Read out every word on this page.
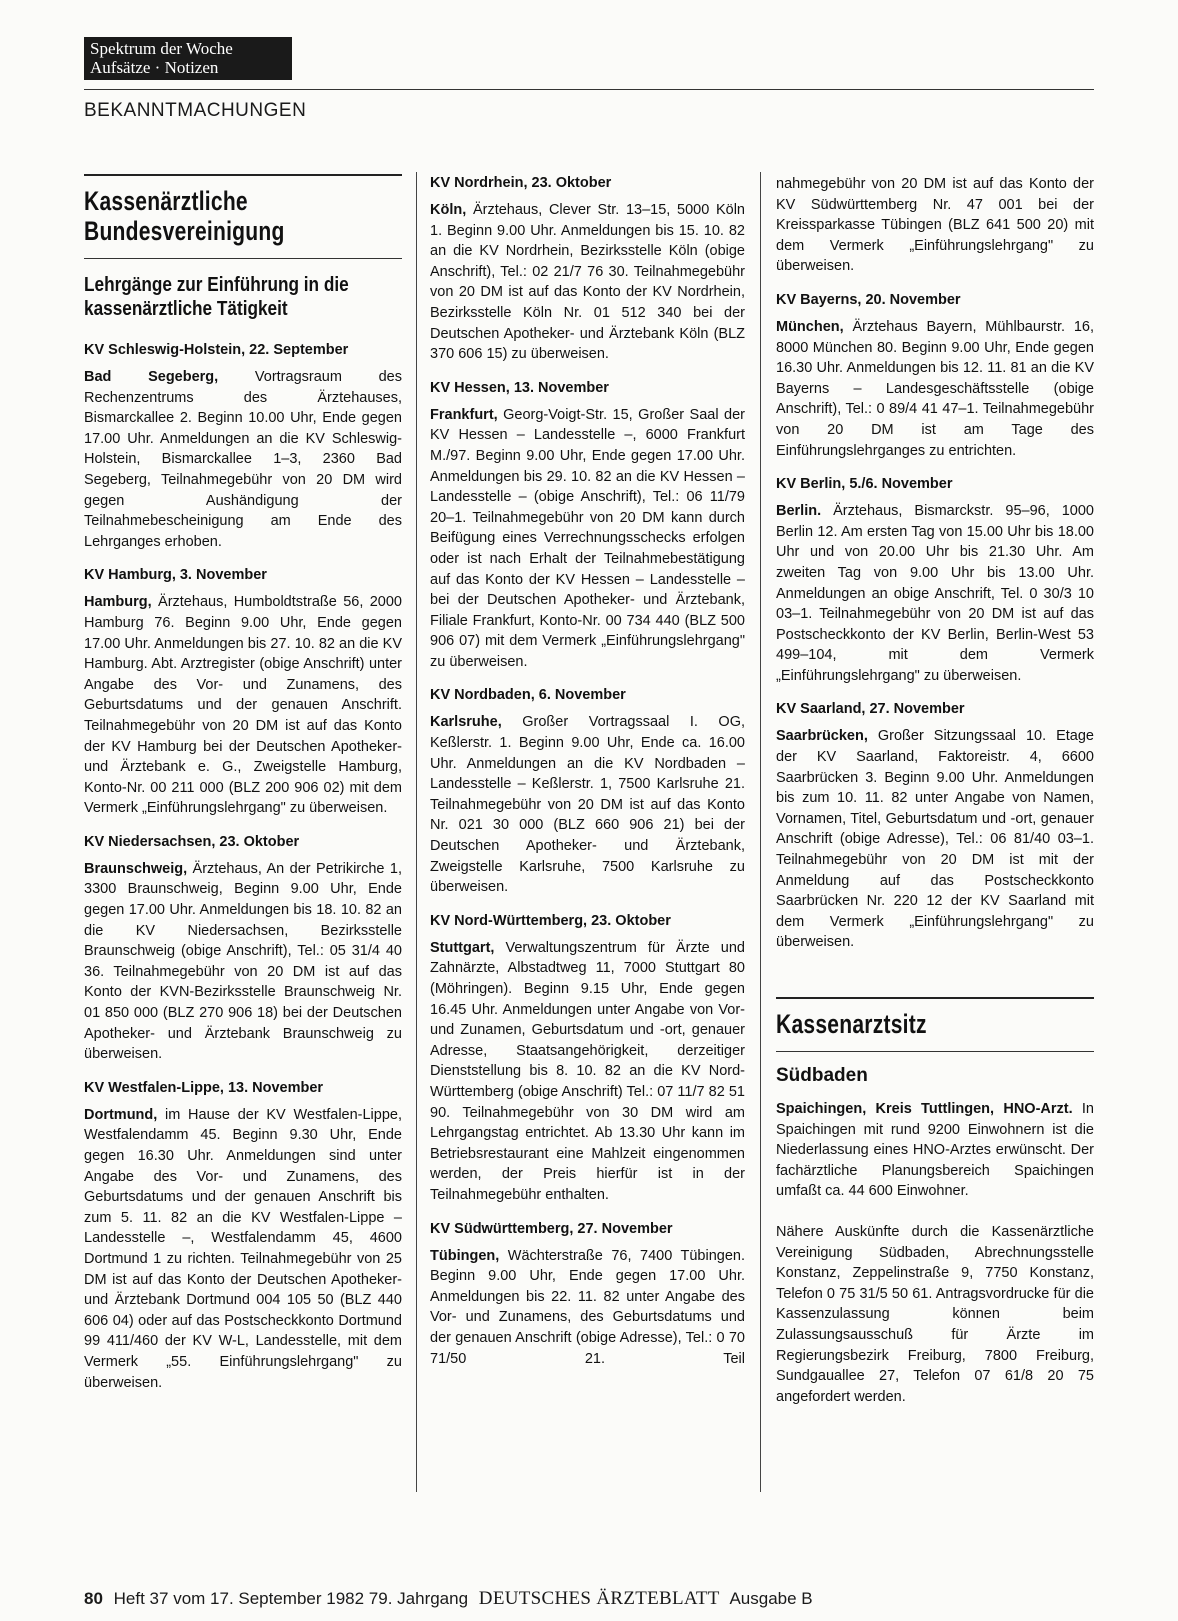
Spektrum der Woche
Aufsätze · Notizen
BEKANNTMACHUNGEN
Kassenärztliche Bundesvereinigung
Lehrgänge zur Einführung in die kassenärztliche Tätigkeit
KV Schleswig-Holstein, 22. September

Bad Segeberg, Vortragsraum des Rechenzentrums des Ärztehauses, Bismarckallee 2. Beginn 10.00 Uhr, Ende gegen 17.00 Uhr. Anmeldungen an die KV Schleswig-Holstein, Bismarckallee 1–3, 2360 Bad Segeberg, Teilnahmegebühr von 20 DM wird gegen Aushändigung der Teilnahmebescheinigung am Ende des Lehrganges erhoben.

KV Hamburg, 3. November

Hamburg, Ärztehaus, Humboldtstraße 56, 2000 Hamburg 76. Beginn 9.00 Uhr, Ende gegen 17.00 Uhr. Anmeldungen bis 27. 10. 82 an die KV Hamburg. Abt. Arztregister (obige Anschrift) unter Angabe des Vor- und Zunamens, des Geburtsdatums und der genauen Anschrift. Teilnahmegebühr von 20 DM ist auf das Konto der KV Hamburg bei der Deutschen Apotheker- und Ärztebank e. G., Zweigstelle Hamburg, Konto-Nr. 00 211 000 (BLZ 200 906 02) mit dem Vermerk „Einführungslehrgang" zu überweisen.

KV Niedersachsen, 23. Oktober

Braunschweig, Ärztehaus, An der Petrikirche 1, 3300 Braunschweig, Beginn 9.00 Uhr, Ende gegen 17.00 Uhr. Anmeldungen bis 18. 10. 82 an die KV Niedersachsen, Bezirksstelle Braunschweig (obige Anschrift), Tel.: 05 31/4 40 36. Teilnahmegebühr von 20 DM ist auf das Konto der KVN-Bezirksstelle Braunschweig Nr. 01 850 000 (BLZ 270 906 18) bei der Deutschen Apotheker- und Ärztebank Braunschweig zu überweisen.

KV Westfalen-Lippe, 13. November

Dortmund, im Hause der KV Westfalen-Lippe, Westfalendamm 45. Beginn 9.30 Uhr, Ende gegen 16.30 Uhr. Anmeldungen sind unter Angabe des Vor- und Zunamens, des Geburtsdatums und der genauen Anschrift bis zum 5. 11. 82 an die KV Westfalen-Lippe – Landesstelle –, Westfalendamm 45, 4600 Dortmund 1 zu richten. Teilnahmegebühr von 25 DM ist auf das Konto der Deutschen Apotheker- und Ärztebank Dortmund 004 105 50 (BLZ 440 606 04) oder auf das Postscheckkonto Dortmund 99 411/460 der KV W-L, Landesstelle, mit dem Vermerk „55. Einführungslehrgang" zu überweisen.

KV Nordrhein, 23. Oktober

Köln, Ärztehaus, Clever Str. 13–15, 5000 Köln 1. Beginn 9.00 Uhr. Anmeldungen bis 15. 10. 82 an die KV Nordrhein, Bezirksstelle Köln (obige Anschrift), Tel.: 02 21/7 76 30. Teilnahmegebühr von 20 DM ist auf das Konto der KV Nordrhein, Bezirksstelle Köln Nr. 01 512 340 bei der Deutschen Apotheker- und Ärztebank Köln (BLZ 370 606 15) zu überweisen.

KV Hessen, 13. November

Frankfurt, Georg-Voigt-Str. 15, Großer Saal der KV Hessen – Landesstelle –, 6000 Frankfurt M./97. Beginn 9.00 Uhr, Ende gegen 17.00 Uhr. Anmeldungen bis 29. 10. 82 an die KV Hessen – Landesstelle – (obige Anschrift), Tel.: 06 11/79 20–1. Teilnahmegebühr von 20 DM kann durch Beifügung eines Verrechnungsschecks erfolgen oder ist nach Erhalt der Teilnahmebestätigung auf das Konto der KV Hessen – Landesstelle – bei der Deutschen Apotheker- und Ärztebank, Filiale Frankfurt, Konto-Nr. 00 734 440 (BLZ 500 906 07) mit dem Vermerk „Einführungslehrgang" zu überweisen.

KV Nordbaden, 6. November

Karlsruhe, Großer Vortragssaal I. OG, Keßlerstr. 1. Beginn 9.00 Uhr, Ende ca. 16.00 Uhr. Anmeldungen an die KV Nordbaden – Landesstelle – Keßlerstr. 1, 7500 Karlsruhe 21. Teilnahmegebühr von 20 DM ist auf das Konto Nr. 021 30 000 (BLZ 660 906 21) bei der Deutschen Apotheker- und Ärztebank, Zweigstelle Karlsruhe, 7500 Karlsruhe zu überweisen.

KV Nord-Württemberg, 23. Oktober

Stuttgart, Verwaltungszentrum für Ärzte und Zahnärzte, Albstadtweg 11, 7000 Stuttgart 80 (Möhringen). Beginn 9.15 Uhr, Ende gegen 16.45 Uhr. Anmeldungen unter Angabe von Vor- und Zunamen, Geburtsdatum und -ort, genauer Adresse, Staatsangehörigkeit, derzeitiger Dienststellung bis 8. 10. 82 an die KV Nord-Württemberg (obige Anschrift) Tel.: 07 11/7 82 51 90. Teilnahmegebühr von 30 DM wird am Lehrgangstag entrichtet. Ab 13.30 Uhr kann im Betriebsrestaurant eine Mahlzeit eingenommen werden, der Preis hierfür ist in der Teilnahmegebühr enthalten.

KV Südwürttemberg, 27. November

Tübingen, Wächterstraße 76, 7400 Tübingen. Beginn 9.00 Uhr, Ende gegen 17.00 Uhr. Anmeldungen bis 22. 11. 82 unter Angabe des Vor- und Zunamens, des Geburtsdatums und der genauen Anschrift (obige Adresse), Tel.: 0 70 71/50 21. Teil

nahmegebühr von 20 DM ist auf das Konto der KV Südwürttemberg Nr. 47 001 bei der Kreissparkasse Tübingen (BLZ 641 500 20) mit dem Vermerk „Einführungslehrgang" zu überweisen.

KV Bayerns, 20. November

München, Ärztehaus Bayern, Mühlbaurstr. 16, 8000 München 80. Beginn 9.00 Uhr, Ende gegen 16.30 Uhr. Anmeldungen bis 12. 11. 81 an die KV Bayerns – Landesgeschäftsstelle (obige Anschrift), Tel.: 0 89/4 41 47–1. Teilnahmegebühr von 20 DM ist am Tage des Einführungslehrganges zu entrichten.

KV Berlin, 5./6. November

Berlin. Ärztehaus, Bismarckstr. 95–96, 1000 Berlin 12. Am ersten Tag von 15.00 Uhr bis 18.00 Uhr und von 20.00 Uhr bis 21.30 Uhr. Am zweiten Tag von 9.00 Uhr bis 13.00 Uhr. Anmeldungen an obige Anschrift, Tel. 0 30/3 10 03–1. Teilnahmegebühr von 20 DM ist auf das Postscheckkonto der KV Berlin, Berlin-West 53 499–104, mit dem Vermerk „Einführungslehrgang" zu überweisen.

KV Saarland, 27. November

Saarbrücken, Großer Sitzungssaal 10. Etage der KV Saarland, Faktoreistr. 4, 6600 Saarbrücken 3. Beginn 9.00 Uhr. Anmeldungen bis zum 10. 11. 82 unter Angabe von Namen, Vornamen, Titel, Geburtsdatum und -ort, genauer Anschrift (obige Adresse), Tel.: 06 81/40 03–1. Teilnahmegebühr von 20 DM ist mit der Anmeldung auf das Postscheckkonto Saarbrücken Nr. 220 12 der KV Saarland mit dem Vermerk „Einführungslehrgang" zu überweisen.

Kassenarztsitz
Südbaden

Spaichingen, Kreis Tuttlingen, HNO-Arzt. In Spaichingen mit rund 9200 Einwohnern ist die Niederlassung eines HNO-Arztes erwünscht. Der fachärztliche Planungsbereich Spaichingen umfaßt ca. 44 600 Einwohner.

Nähere Auskünfte durch die Kassenärztliche Vereinigung Südbaden, Abrechnungsstelle Konstanz, Zeppelinstraße 9, 7750 Konstanz, Telefon 0 75 31/5 50 61. Antragsvordrucke für die Kassenzulassung können beim Zulassungsausschuß für Ärzte im Regierungsbezirk Freiburg, 7800 Freiburg, Sundgauallee 27, Telefon 07 61/8 20 75 angefordert werden.

80 Heft 37 vom 17. September 1982 79. Jahrgang DEUTSCHES ÄRZTEBLATT Ausgabe B
